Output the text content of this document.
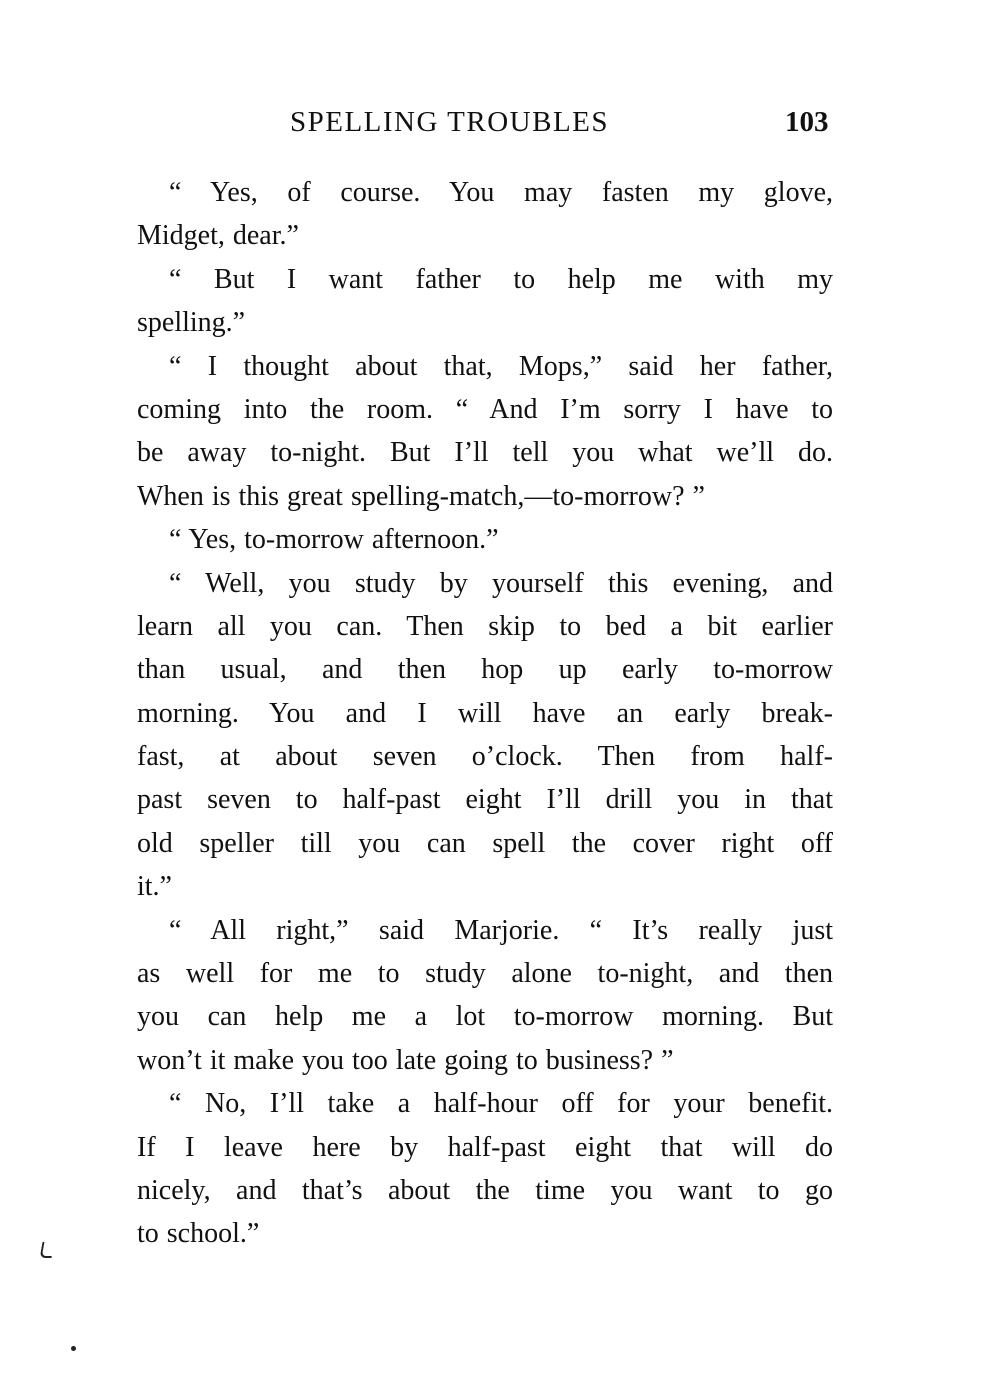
SPELLING TROUBLES	103
“ Yes, of course. You may fasten my glove,
Midget, dear.”
“ But I want father to help me with my
spelling.”
“ I thought about that, Mops,” said her father,
coming into the room. “ And I’m sorry I have to
be away to-night. But I’ll tell you what we’ll do.
When is this great spelling-match,—to-morrow? ”
“ Yes, to-morrow afternoon.”
“ Well, you study by yourself this evening, and
learn all you can. Then skip to bed a bit earlier
than usual, and then hop up early to-morrow
morning. You and I will have an early break-
fast, at about seven o’clock. Then from half-
past seven to half-past eight I’ll drill you in that
old speller till you can spell the cover right off
it.”
“ All right,” said Marjorie. “ It’s really just
as well for me to study alone to-night, and then
you can help me a lot to-morrow morning. But
won’t it make you too late going to business? ”
“ No, I’ll take a half-hour off for your benefit.
If I leave here by half-past eight that will do
nicely, and that’s about the time you want to go
to school.”
